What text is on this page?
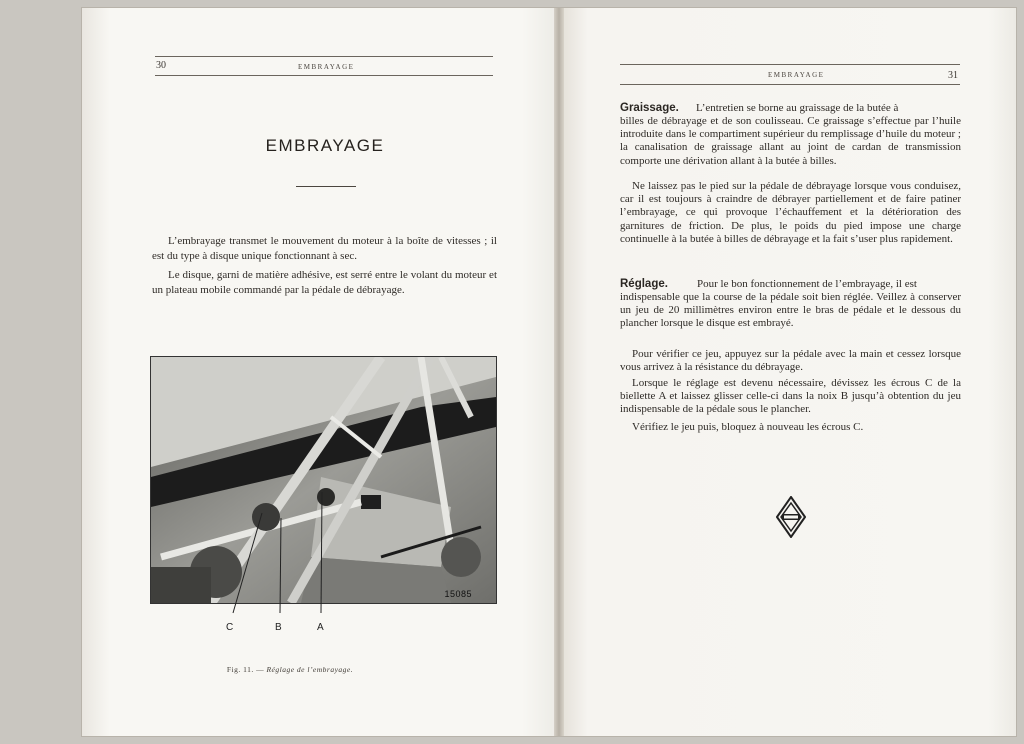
30	EMBRAYAGE
EMBRAYAGE
L’embrayage transmet le mouvement du moteur à la boîte de vitesses ; il est du type à disque unique fonctionnant à sec.
Le disque, garni de matière adhésive, est serré entre le volant du moteur et un plateau mobile commandé par la pédale de débrayage.
15085
C	B	A
Fig. 11. — Réglage de l’embrayage.
EMBRAYAGE	31
Graissage. L’entretien se borne au graissage de la butée à
billes de débrayage et de son coulisseau. Ce graissage s’effectue par l’huile introduite dans le compartiment supérieur du remplissage d’huile du moteur ; la canalisation de graissage allant au joint de cardan de transmission comporte une dérivation allant à la butée à billes.
Ne laissez pas le pied sur la pédale de débrayage lorsque vous conduisez, car il est toujours à craindre de débrayer partiellement et de faire patiner l’embrayage, ce qui provoque l’échauffement et la détérioration des garnitures de friction. De plus, le poids du pied impose une charge continuelle à la butée à billes de débrayage et la fait s’user plus rapidement.
Réglage.	Pour le bon fonctionnement de l’embrayage, il est
indispensable que la course de la pédale soit bien réglée. Veillez à conserver un jeu de 20 millimètres environ entre le bras de pédale et le dessous du plancher lorsque le disque est embrayé.
Pour vérifier ce jeu, appuyez sur la pédale avec la main et cessez lorsque vous arrivez à la résistance du débrayage.
Lorsque le réglage est devenu nécessaire, dévissez les écrous C de la biellette A et laissez glisser celle-ci dans la noix B jusqu’à obtention du jeu indispensable de la pédale sous le plancher.
Vérifiez le jeu puis, bloquez à nouveau les écrous C.
